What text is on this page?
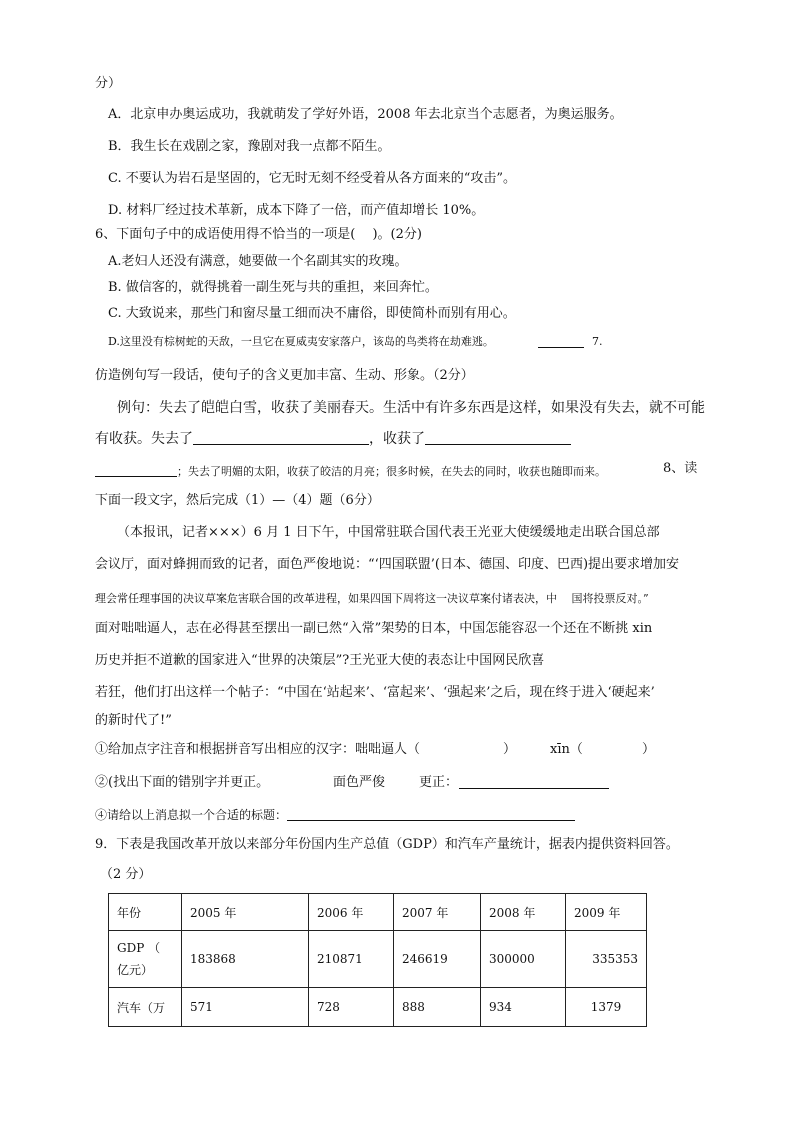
分）
A．北京申办奥运成功，我就萌发了学好外语，2008 年去北京当个志愿者，为奥运服务。
B．我生长在戏剧之家，豫剧对我一点都不陌生。
C. 不要认为岩石是坚固的，它无时无刻不经受着从各方面来的“攻击”。
D. 材料厂经过技术革新，成本下降了一倍，而产值却增长 10%。
6、下面句子中的成语使用得不恰当的一项是(　 )。(2分)
A.老妇人还没有满意，她要做一个名副其实的玫瑰。
B. 做信客的，就得挑着一副生死与共的重担，来回奔忙。
C. 大致说来，那些门和窗尽量工细而决不庸俗，即使简朴而别有用心。
D.这里没有棕树蛇的天敌，一旦它在夏威夷安家落户，该岛的鸟类将在劫难逃。	7.
仿造例句写一段话，使句子的含义更加丰富、生动、形象。（2分）
例句：失去了皑皑白雪，收获了美丽春天。生活中有许多东西是这样，如果没有失去，就不可能
有收获。失去了	，收获了
；失去了明媚的太阳，收获了皎洁的月亮；很多时候，在失去的同时，收获也随即而来。	8、读
下面一段文字，然后完成（1）—（4）题（6分）
（本报讯，记者×××）6 月 1 日下午，中国常驻联合国代表王光亚大使缓缓地走出联合国总部
会议厅，面对蜂拥而致的记者，面色严俊地说：“‘四国联盟’(日本、德国、印度、巴西)提出要求增加安
理会常任理事国的决议草案危害联合国的改革进程，如果四国下周将这一决议草案付诸表决，中　 国将投票反对。”
面对咄咄逼人，志在必得甚至摆出一副已然“入常”架势的日本，中国怎能容忍一个还在不断挑 xin
历史并拒不道歉的国家进入“世界的决策层”?王光亚大使的表态让中国网民欣喜
若狂，他们打出这样一个帖子：“中国在‘站起来’、‘富起来’、‘强起来’之后，现在终于进入‘硬起来’
的新时代了!”
①给加点字注音和根据拼音写出相应的汉字：咄咄逼人（	）	xīn（	）
②(找出下面的错别字并更正。	面色严俊	更正：
④请给以上消息拟一个合适的标题：
9．下表是我国改革开放以来部分年份国内生产总值（GDP）和汽车产量统计，据表内提供资料回答。
（2 分）
年份	2005 年	2006 年	2007 年	2008 年	2009 年
GDP （ 亿元）	183868	210871	246619	300000	335353
汽车（万	571	728	888	934	1379
